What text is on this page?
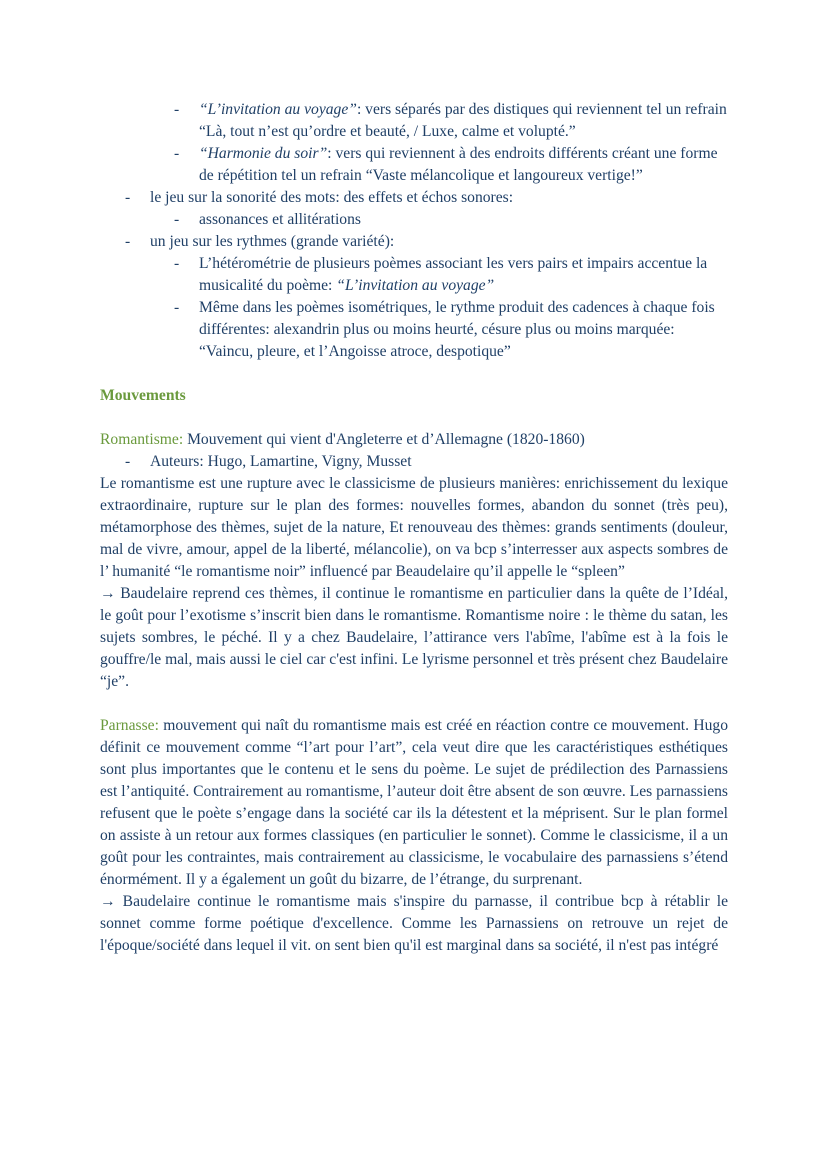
- “L’invitation au voyage”: vers séparés par des distiques qui reviennent tel un refrain “Là, tout n’est qu’ordre et beauté, / Luxe, calme et volupté.”
- “Harmonie du soir”: vers qui reviennent à des endroits différents créant une forme de répétition tel un refrain “Vaste mélancolique et langoureux vertige!”
- le jeu sur la sonorité des mots: des effets et échos sonores:
- assonances et allitérations
- un jeu sur les rythmes (grande variété):
- L’hétérométrie de plusieurs poèmes associant les vers pairs et impairs accentue la musicalité du poème: “L’invitation au voyage”
- Même dans les poèmes isométriques, le rythme produit des cadences à chaque fois différentes: alexandrin plus ou moins heurté, césure plus ou moins marquée: “Vaincu, pleure, et l’Angoisse atroce, despotique”
Mouvements
Romantisme: Mouvement qui vient d'Angleterre et d’Allemagne (1820-1860)
- Auteurs: Hugo, Lamartine, Vigny, Musset
Le romantisme est une rupture avec le classicisme de plusieurs manières: enrichissement du lexique extraordinaire, rupture sur le plan des formes: nouvelles formes, abandon du sonnet (très peu), métamorphose des thèmes, sujet de la nature, Et renouveau des thèmes: grands sentiments (douleur, mal de vivre, amour, appel de la liberté, mélancolie), on va bcp s’interresser aux aspects sombres de l’ humanité “le romantisme noir” influencé par Beaudelaire qu’il appelle le “spleen”
→ Baudelaire reprend ces thèmes, il continue le romantisme en particulier dans la quête de l’Idéal, le goût pour l’exotisme s’inscrit bien dans le romantisme. Romantisme noire : le thème du satan, les sujets sombres, le péché. Il y a chez Baudelaire, l’attirance vers l'abîme, l'abîme est à la fois le gouffre/le mal, mais aussi le ciel car c'est infini. Le lyrisme personnel et très présent chez Baudelaire “je”.
Parnasse: mouvement qui naît du romantisme mais est créé en réaction contre ce mouvement. Hugo définit ce mouvement comme “l’art pour l’art”, cela veut dire que les caractéristiques esthétiques sont plus importantes que le contenu et le sens du poème. Le sujet de prédilection des Parnassiens est l’antiquité. Contrairement au romantisme, l’auteur doit être absent de son œuvre. Les parnassiens refusent que le poète s’engage dans la société car ils la détestent et la méprisent. Sur le plan formel on assiste à un retour aux formes classiques (en particulier le sonnet). Comme le classicisme, il a un goût pour les contraintes, mais contrairement au classicisme, le vocabulaire des parnassiens s’étend énormément. Il y a également un goût du bizarre, de l’étrange, du surprenant.
→ Baudelaire continue le romantisme mais s'inspire du parnasse, il contribue bcp à rétablir le sonnet comme forme poétique d'excellence. Comme les Parnassiens on retrouve un rejet de l'époque/société dans lequel il vit. on sent bien qu'il est marginal dans sa société, il n'est pas intégré
